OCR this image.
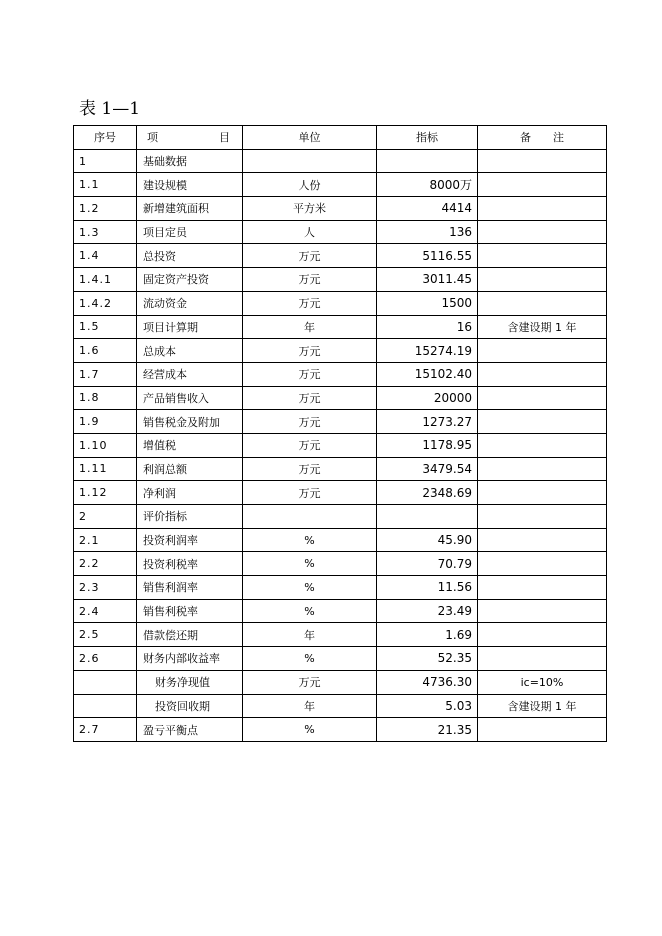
表 1—1
序号	项 目	单位	指标	备　　注
1	基础数据			
1.1	建设规模	人份	8000万	
1.2	新增建筑面积	平方米	4414	
1.3	项目定员	人	136	
1.4	总投资	万元	5116.55	
1.4.1	固定资产投资	万元	3011.45	
1.4.2	流动资金	万元	1500	
1.5	项目计算期	年	16	含建设期 1 年
1.6	总成本	万元	15274.19	
1.7	经营成本	万元	15102.40	
1.8	产品销售收入	万元	20000	
1.9	销售税金及附加	万元	1273.27	
1.10	增值税	万元	1178.95	
1.11	利润总额	万元	3479.54	
1.12	净利润	万元	2348.69	
2	评价指标			
2.1	投资利润率	%	45.90	
2.2	投资利税率	%	70.79	
2.3	销售利润率	%	11.56	
2.4	销售利税率	%	23.49	
2.5	借款偿还期	年	1.69	
2.6	财务内部收益率	%	52.35	
	财务净现值	万元	4736.30	ic=10%
	投资回收期	年	5.03	含建设期 1 年
2.7	盈亏平衡点	%	21.35	
